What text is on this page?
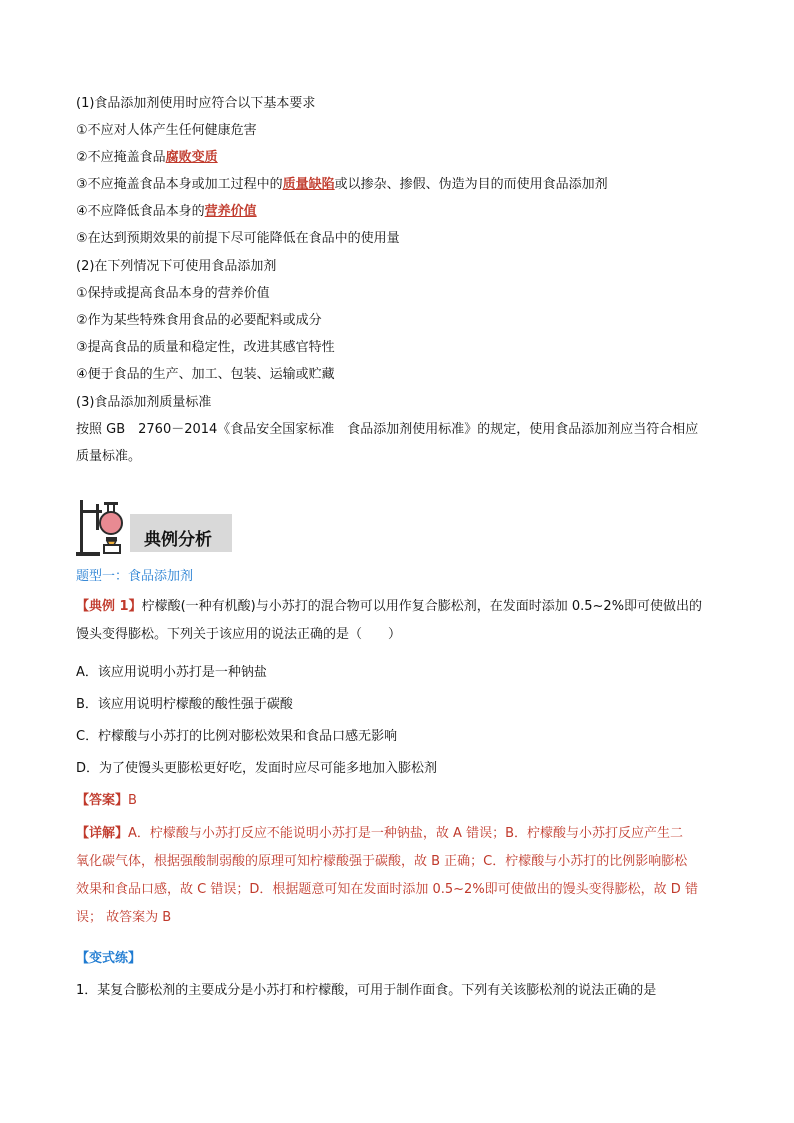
(1)食品添加剂使用时应符合以下基本要求
①不应对人体产生任何健康危害
②不应掩盖食品腐败变质
③不应掩盖食品本身或加工过程中的质量缺陷或以掺杂、掺假、伪造为目的而使用食品添加剂
④不应降低食品本身的营养价值
⑤在达到预期效果的前提下尽可能降低在食品中的使用量
(2)在下列情况下可使用食品添加剂
①保持或提高食品本身的营养价值
②作为某些特殊食用食品的必要配料或成分
③提高食品的质量和稳定性，改进其感官特性
④便于食品的生产、加工、包装、运输或贮藏
(3)食品添加剂质量标准
按照 GB　2760－2014《食品安全国家标准　食品添加剂使用标准》的规定，使用食品添加剂应当符合相应
质量标准。
典例分析
题型一：食品添加剂
【典例 1】柠檬酸(一种有机酸)与小苏打的混合物可以用作复合膨松剂，在发面时添加 0.5~2%即可使做出的
馒头变得膨松。下列关于该应用的说法正确的是（　　）
A．该应用说明小苏打是一种钠盐
B．该应用说明柠檬酸的酸性强于碳酸
C．柠檬酸与小苏打的比例对膨松效果和食品口感无影响
D．为了使馒头更膨松更好吃，发面时应尽可能多地加入膨松剂
【答案】B
【详解】A．柠檬酸与小苏打反应不能说明小苏打是一种钠盐，故 A 错误；B．柠檬酸与小苏打反应产生二
氧化碳气体，根据强酸制弱酸的原理可知柠檬酸强于碳酸，故 B 正确；C．柠檬酸与小苏打的比例影响膨松
效果和食品口感，故 C 错误；D．根据题意可知在发面时添加 0.5~2%即可使做出的馒头变得膨松，故 D 错
误； 故答案为 B
【变式练】
1．某复合膨松剂的主要成分是小苏打和柠檬酸，可用于制作面食。下列有关该膨松剂的说法正确的是
